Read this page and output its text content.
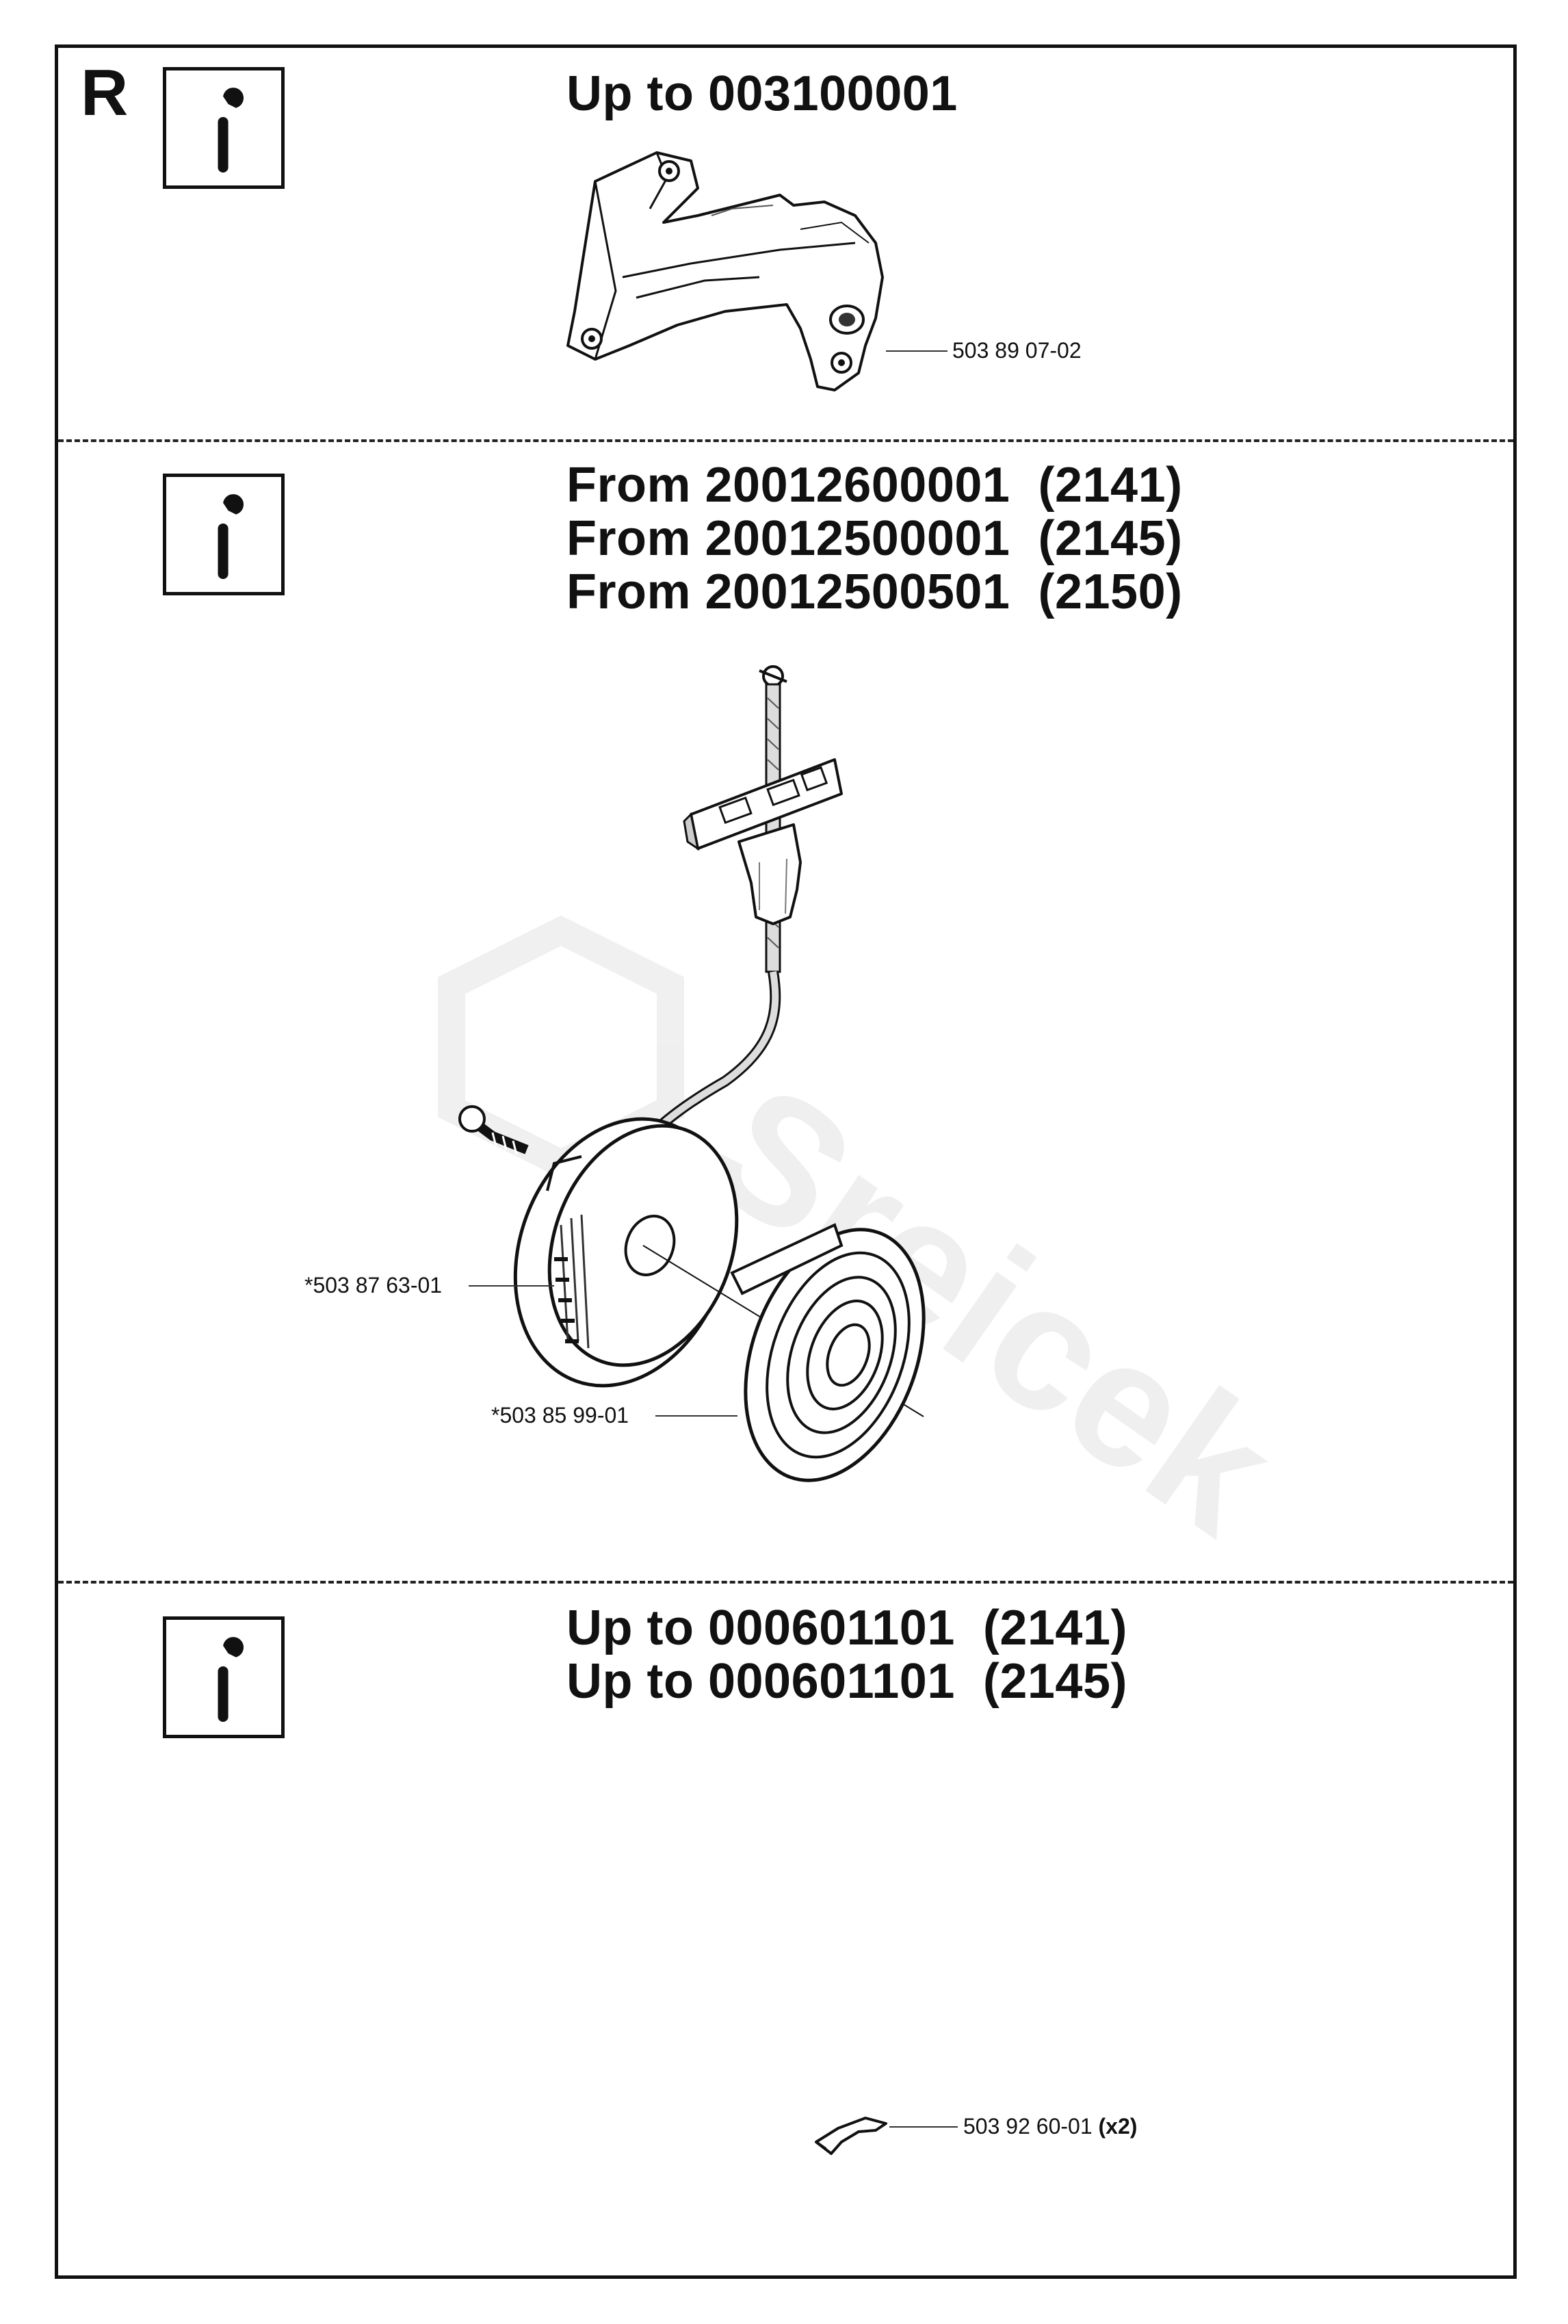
Sreicek
R	Up to 003100001
503 89 07-02
From 20012600001  (2141)
From 20012500001  (2145)
From 20012500501  (2150)
*503 87 63-01
*503 85 99-01
Up to 000601101  (2141)
Up to 000601101  (2145)
503 92 60-01 (x2)
